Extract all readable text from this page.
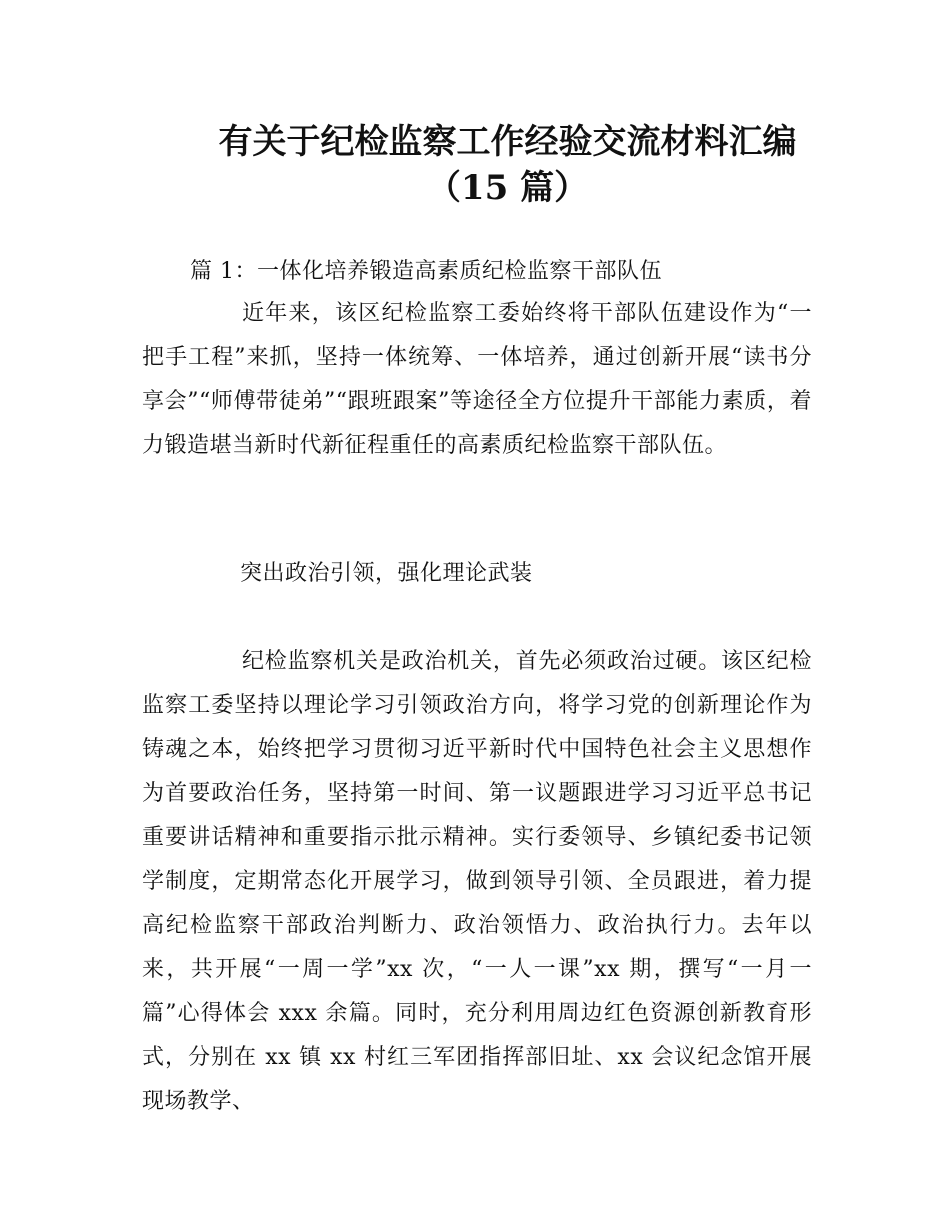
有关于纪检监察工作经验交流材料汇编
（15 篇）

篇 1：一体化培养锻造高素质纪检监察干部队伍

近年来，该区纪检监察工委始终将干部队伍建设作为“一把手工程”来抓，坚持一体统筹、一体培养，通过创新开展“读书分享会”“师傅带徒弟”“跟班跟案”等途径全方位提升干部能力素质，着力锻造堪当新时代新征程重任的高素质纪检监察干部队伍。

突出政治引领，强化理论武装

纪检监察机关是政治机关，首先必须政治过硬。该区纪检监察工委坚持以理论学习引领政治方向，将学习党的创新理论作为铸魂之本，始终把学习贯彻习近平新时代中国特色社会主义思想作为首要政治任务，坚持第一时间、第一议题跟进学习习近平总书记重要讲话精神和重要指示批示精神。实行委领导、乡镇纪委书记领学制度，定期常态化开展学习，做到领导引领、全员跟进，着力提高纪检监察干部政治判断力、政治领悟力、政治执行力。去年以来，共开展“一周一学”xx 次，“一人一课”xx 期，撰写“一月一篇”心得体会 xxx 余篇。同时，充分利用周边红色资源创新教育形式，分别在 xx 镇 xx 村红三军团指挥部旧址、xx 会议纪念馆开展现场教学、
